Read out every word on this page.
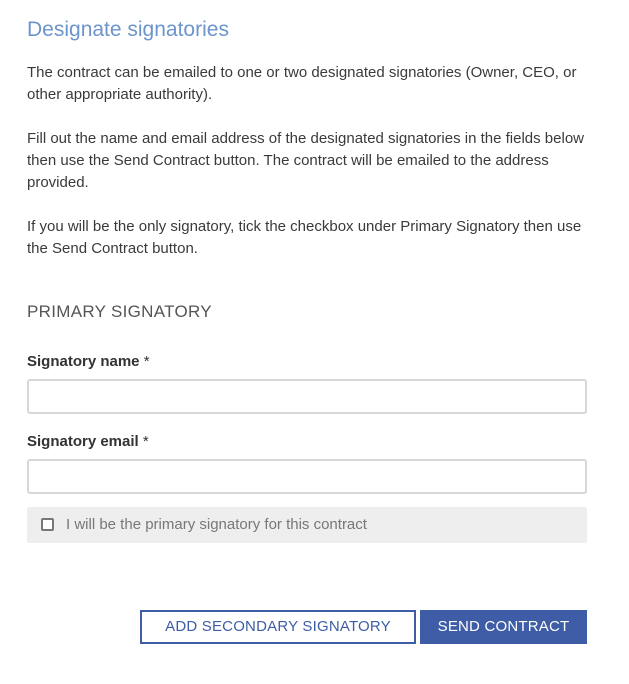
Designate signatories

The contract can be emailed to one or two designated signatories (Owner, CEO, or other appropriate authority).

Fill out the name and email address of the designated signatories in the fields below then use the Send Contract button. The contract will be emailed to the address provided.

If you will be the only signatory, tick the checkbox under Primary Signatory then use the Send Contract button.

PRIMARY SIGNATORY
Signatory name *
Signatory email *
I will be the primary signatory for this contract
ADD SECONDARY SIGNATORY	SEND CONTRACT
